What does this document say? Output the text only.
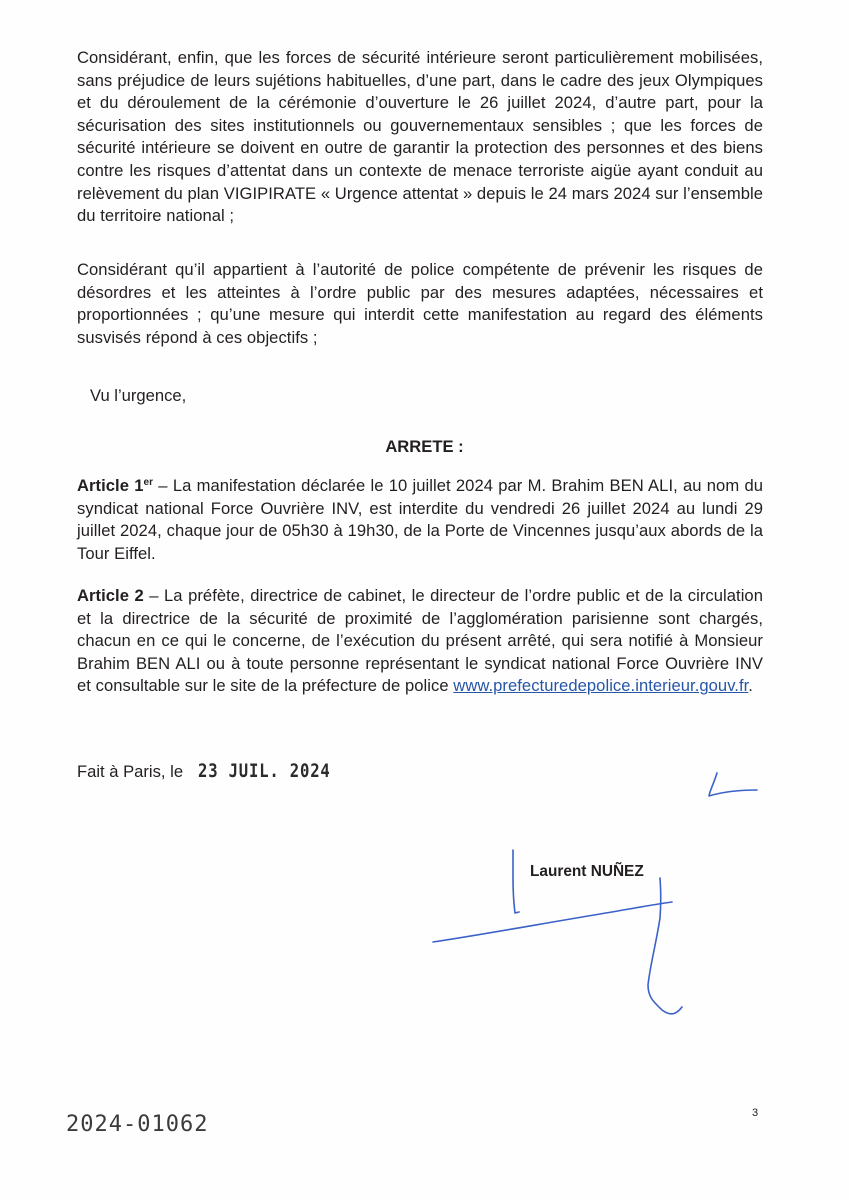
Considérant, enfin, que les forces de sécurité intérieure seront particulièrement mobilisées, sans préjudice de leurs sujétions habituelles, d’une part, dans le cadre des jeux Olympiques et du déroulement de la cérémonie d’ouverture le 26 juillet 2024, d’autre part, pour la sécurisation des sites institutionnels ou gouvernementaux sensibles ; que les forces de sécurité intérieure se doivent en outre de garantir la protection des personnes et des biens contre les risques d’attentat dans un contexte de menace terroriste aigüe ayant conduit au relèvement du plan VIGIPIRATE « Urgence attentat » depuis le 24 mars 2024 sur l’ensemble du territoire national ;

Considérant qu’il appartient à l’autorité de police compétente de prévenir les risques de désordres et les atteintes à l’ordre public par des mesures adaptées, nécessaires et proportionnées ; qu’une mesure qui interdit cette manifestation au regard des éléments susvisés répond à ces objectifs ;

Vu l’urgence,

ARRETE :

Article 1er – La manifestation déclarée le 10 juillet 2024 par M. Brahim BEN ALI, au nom du syndicat national Force Ouvrière INV, est interdite du vendredi 26 juillet 2024 au lundi 29 juillet 2024, chaque jour de 05h30 à 19h30, de la Porte de Vincennes jusqu’aux abords de la Tour Eiffel.

Article 2 – La préfète, directrice de cabinet, le directeur de l’ordre public et de la circulation et la directrice de la sécurité de proximité de l’agglomération parisienne sont chargés, chacun en ce qui le concerne, de l’exécution du présent arrêté, qui sera notifié à Monsieur Brahim BEN ALI ou à toute personne représentant le syndicat national Force Ouvrière INV et consultable sur le site de la préfecture de police www.prefecturedepolice.interieur.gouv.fr.

Fait à Paris, le 23 JUIL. 2024

Laurent NUÑEZ

2024-01062	3
